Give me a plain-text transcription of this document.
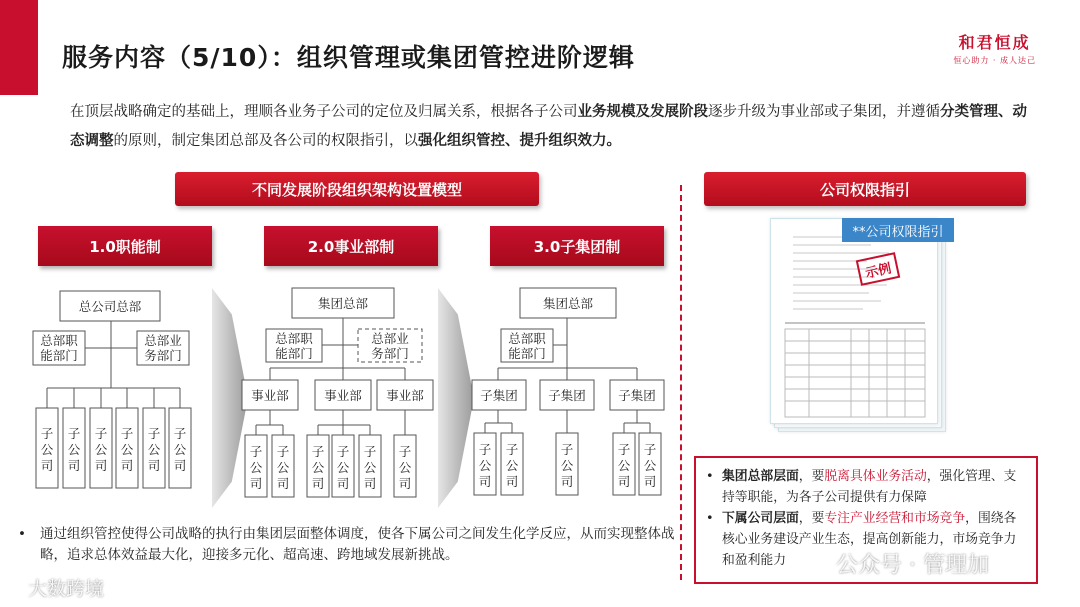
服务内容（5/10）：组织管理或集团管控进阶逻辑
和君恒成
恒心助力 · 成人达己
在顶层战略确定的基础上，理顺各业务子公司的定位及归属关系，根据各子公司业务规模及发展阶段逐步升级为事业部或子集团，并遵循分类管理、动态调整的原则，制定集团总部及各公司的权限指引，以强化组织管控、提升组织效力。
不同发展阶段组织架构设置模型	公司权限指引
1.0职能制	2.0事业部制	3.0子集团制
总公司总部
总部职
能部门
总部业
务部门
子
公
司
子
公
司
子
公
司
子
公
司
子
公
司
子
公
司
集团总部
总部职
能部门
总部业
务部门
事业部	事业部 事业部
子
公
司
子
公
司
子
公
司
子
公
司
子
公
司
子
公
司
集团总部
总部职
能部门
子集团 子集团	子集团
子
公
司
子
公
司
子
公
司
子
公
司
子
公
司
•	通过组织管控使得公司战略的执行由集团层面整体调度，使各下属公司之间发生化学反应，从而实现整体战略，追求总体效益最大化，迎接多元化、超高速、跨地域发展新挑战。
**公司权限指引
示例
• 集团总部层面，要脱离具体业务活动，强化管理、支持等职能，为各子公司提供有力保障
• 下属公司层面，要专注产业经营和市场竞争，围绕各核心业务建设产业生态，提高创新能力，市场竞争力和盈利能力
大数跨境
公众号 · 管理加
